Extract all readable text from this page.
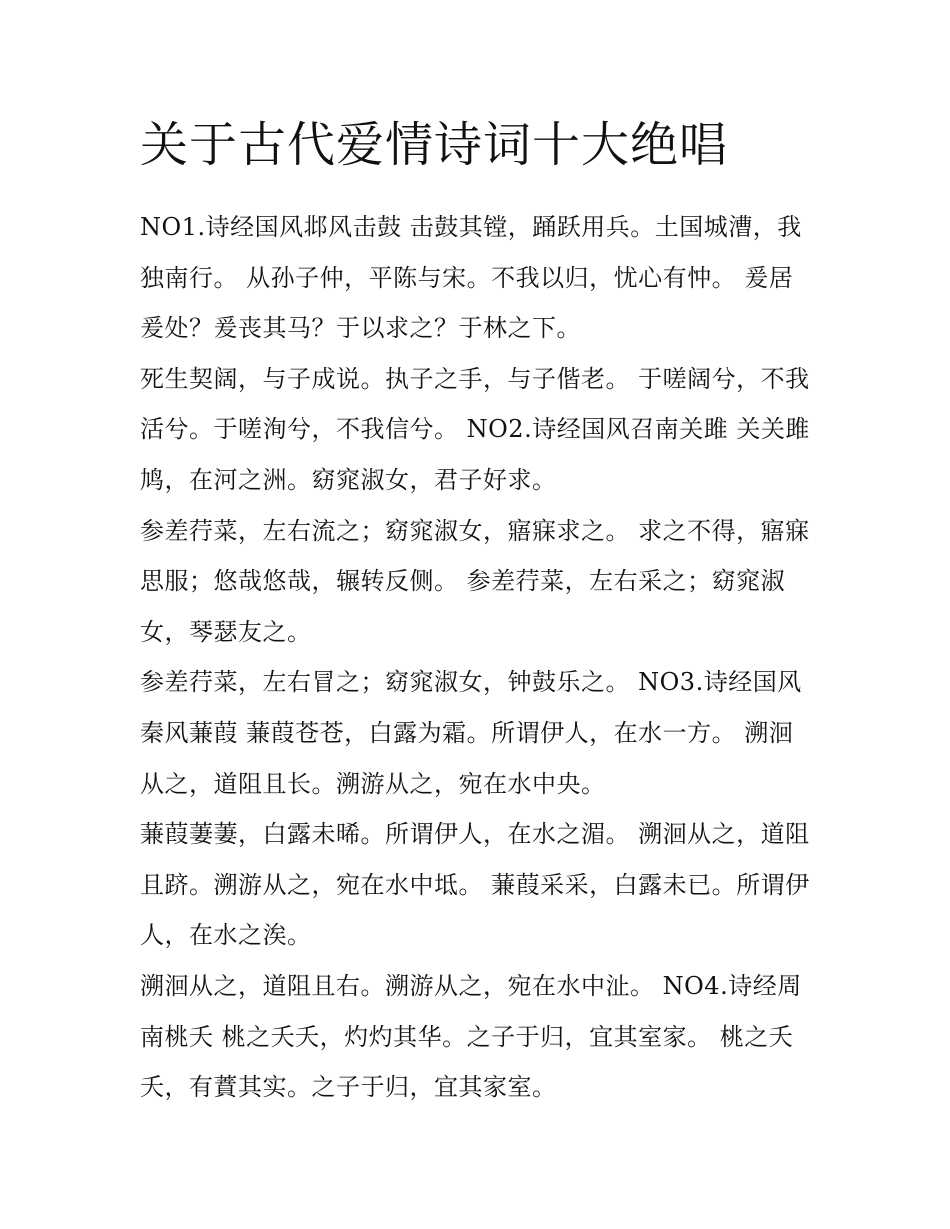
关于古代爱情诗词十大绝唱

NO1.诗经国风邶风击鼓 击鼓其镗，踊跃用兵。土国城漕，我独南行。 从孙子仲，平陈与宋。不我以归，忧心有忡。 爰居爰处？爰丧其马？于以求之？于林之下。

死生契阔，与子成说。执子之手，与子偕老。 于嗟阔兮，不我活兮。于嗟洵兮，不我信兮。 NO2.诗经国风召南关雎 关关雎鸠，在河之洲。窈窕淑女，君子好求。

参差荇菜，左右流之；窈窕淑女，寤寐求之。 求之不得，寤寐思服；悠哉悠哉，辗转反侧。 参差荇菜，左右采之；窈窕淑女，琴瑟友之。

参差荇菜，左右冒之；窈窕淑女，钟鼓乐之。 NO3.诗经国风秦风蒹葭 蒹葭苍苍，白露为霜。所谓伊人，在水一方。 溯洄从之，道阻且长。溯游从之，宛在水中央。

蒹葭萋萋，白露未晞。所谓伊人，在水之湄。 溯洄从之，道阻且跻。溯游从之，宛在水中坻。 蒹葭采采，白露未已。所谓伊人，在水之涘。

溯洄从之，道阻且右。溯游从之，宛在水中沚。 NO4.诗经周南桃夭 桃之夭夭，灼灼其华。之子于归，宜其室家。 桃之夭夭，有蕡其实。之子于归，宜其家室。
